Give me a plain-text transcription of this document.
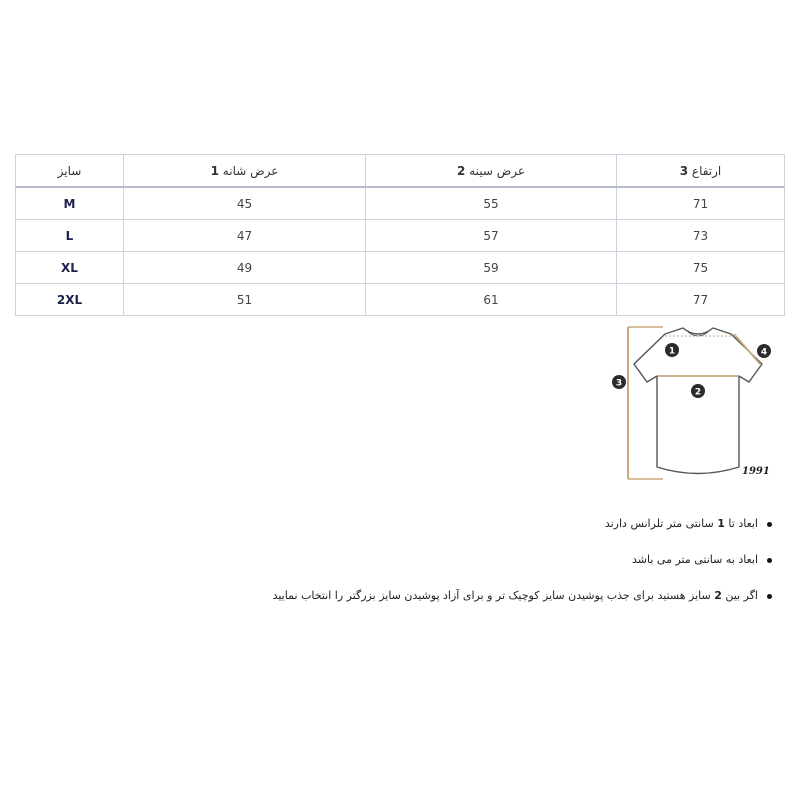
سایز	عرض شانه 1	عرض سینه 2	ارتفاع 3
M	45	55	71
L	47	57	73
XL	49	59	75
2XL	51	61	77
1
2
3
4
1991
ابعاد تا 1 سانتی متر تلرانس دارند
ابعاد به سانتی متر می باشد
اگر بین 2 سایز هستید برای جذب پوشیدن سایز کوچیک تر و برای آزاد پوشیدن سایز بزرگتر را انتخاب نمایید
